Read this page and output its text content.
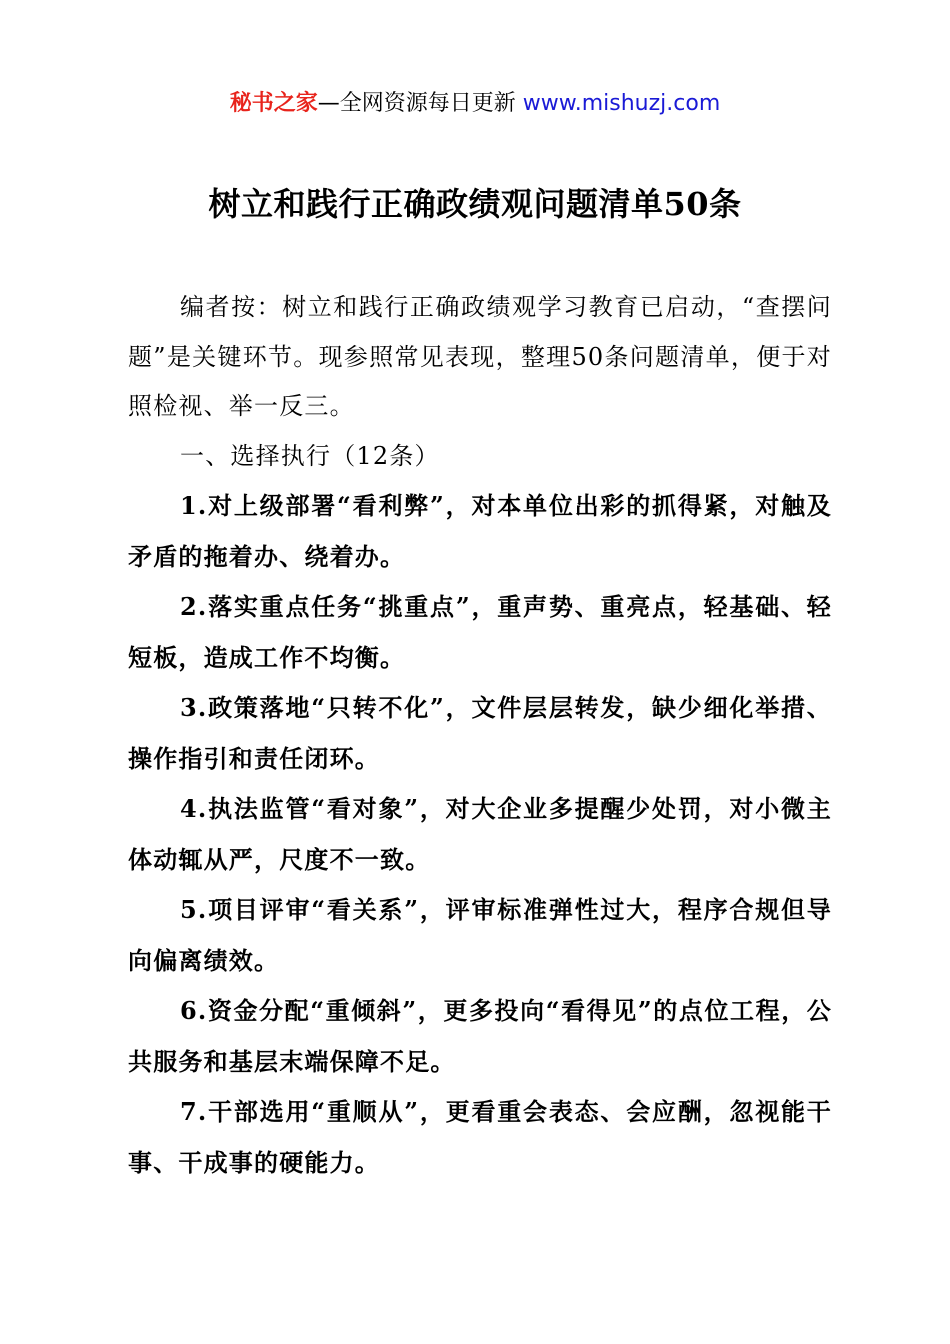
秘书之家—全网资源每日更新 www.mishuzj.com
树立和践行正确政绩观问题清单50条

编者按：树立和践行正确政绩观学习教育已启动，“查摆问题”是关键环节。现参照常见表现，整理50条问题清单，便于对照检视、举一反三。

一、选择执行（12条）

1.对上级部署“看利弊”，对本单位出彩的抓得紧，对触及矛盾的拖着办、绕着办。

2.落实重点任务“挑重点”，重声势、重亮点，轻基础、轻短板，造成工作不均衡。

3.政策落地“只转不化”，文件层层转发，缺少细化举措、操作指引和责任闭环。

4.执法监管“看对象”，对大企业多提醒少处罚，对小微主体动辄从严，尺度不一致。

5.项目评审“看关系”，评审标准弹性过大，程序合规但导向偏离绩效。

6.资金分配“重倾斜”，更多投向“看得见”的点位工程，公共服务和基层末端保障不足。

7.干部选用“重顺从”，更看重会表态、会应酬，忽视能干事、干成事的硬能力。
